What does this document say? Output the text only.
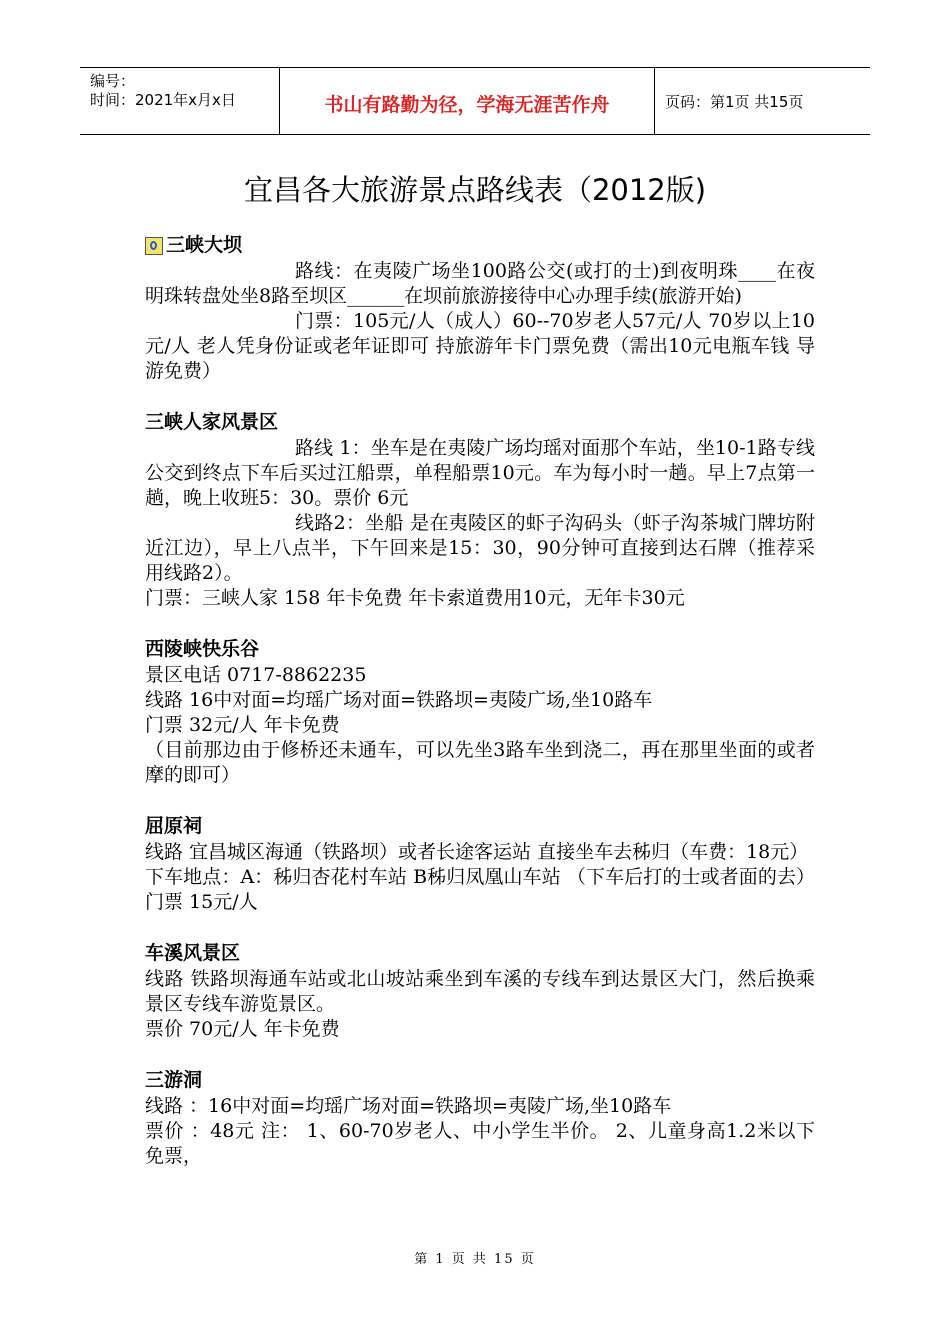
编号：
时间：2021年x月x日	书山有路勤为径，学海无涯苦作舟	页码：第1页 共15页
宜昌各大旅游景点路线表（2012版)
三峡大坝

路线：在夷陵广场坐100路公交(或打的士)到夜明珠____在夜明珠转盘处坐8路至坝区______在坝前旅游接待中心办理手续(旅游开始)

门票：105元/人（成人）60--70岁老人57元/人 70岁以上10元/人 老人凭身份证或老年证即可 持旅游年卡门票免费（需出10元电瓶车钱 导游免费）

三峡人家风景区

路线 1：坐车是在夷陵广场均瑶对面那个车站，坐10-1路专线公交到终点下车后买过江船票，单程船票10元。车为每小时一趟。早上7点第一趟，晚上收班5：30。票价 6元

线路2：坐船 是在夷陵区的虾子沟码头（虾子沟茶城门牌坊附近江边），早上八点半，下午回来是15：30，90分钟可直接到达石牌（推荐采用线路2）。

门票：三峡人家 158 年卡免费 年卡索道费用10元，无年卡30元

西陵峡快乐谷

景区电话 0717-8862235

线路 16中对面=均瑶广场对面=铁路坝=夷陵广场,坐10路车

门票 32元/人 年卡免费

（目前那边由于修桥还未通车，可以先坐3路车坐到浇二，再在那里坐面的或者摩的即可）

屈原祠

线路 宜昌城区海通（铁路坝）或者长途客运站 直接坐车去秭归（车费：18元）

下车地点：A：秭归杏花村车站 B秭归凤凰山车站 （下车后打的士或者面的去） 门票 15元/人

车溪风景区

线路 铁路坝海通车站或北山坡站乘坐到车溪的专线车到达景区大门，然后换乘景区专线车游览景区。

票价 70元/人 年卡免费

三游洞

线路 ：16中对面=均瑶广场对面=铁路坝=夷陵广场,坐10路车

票价 ：48元 注： 1、60-70岁老人、中小学生半价。 2、儿童身高1.2米以下免票，

第 1 页 共 15 页
